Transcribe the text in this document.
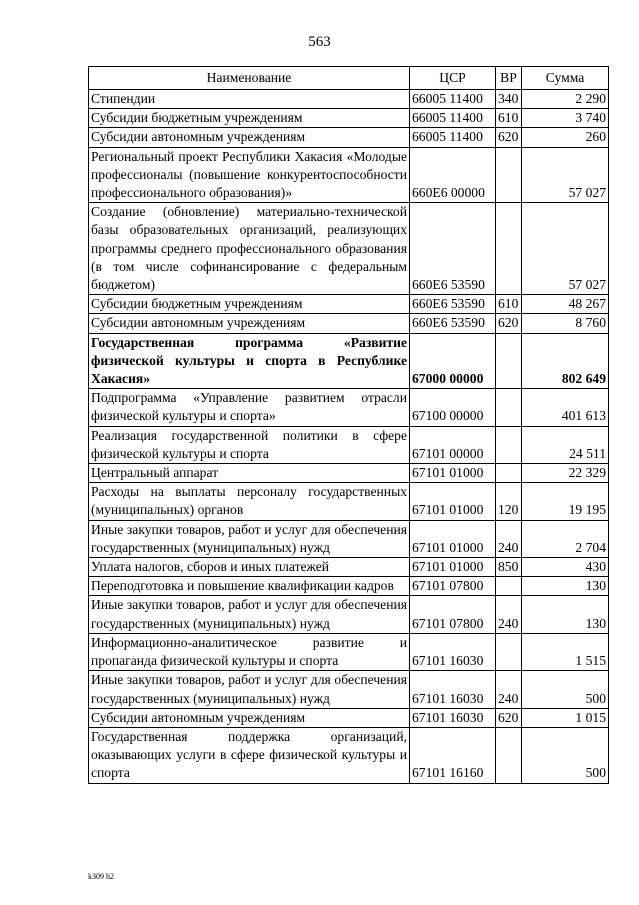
563
Наименование	ЦСР	ВР	Сумма
Стипендии	66005 11400	340	2 290
Субсидии бюджетным учреждениям	66005 11400	610	3 740
Субсидии автономным учреждениям	66005 11400	620	260
Региональный проект Республики Хакасия «Молодые профессионалы (повышение конкурентоспособности профессионального образования)»	660E6 00000		57 027
Создание (обновление) материально-технической базы образовательных организаций, реализующих программы среднего профессионального образования (в том числе софинансирование с федеральным бюджетом)	660E6 53590		57 027
Субсидии бюджетным учреждениям	660E6 53590	610	48 267
Субсидии автономным учреждениям	660E6 53590	620	8 760
Государственная программа «Развитие физической культуры и спорта в Республике Хакасия»	67000 00000		802 649
Подпрограмма «Управление развитием отрасли физической культуры и спорта»	67100 00000		401 613
Реализация государственной политики в сфере физической культуры и спорта	67101 00000		24 511
Центральный аппарат	67101 01000		22 329
Расходы на выплаты персоналу государственных (муниципальных) органов	67101 01000	120	19 195
Иные закупки товаров, работ и услуг для обеспечения государственных (муниципальных) нужд	67101 01000	240	2 704
Уплата налогов, сборов и иных платежей	67101 01000	850	430
Переподготовка и повышение квалификации кадров	67101 07800		130
Иные закупки товаров, работ и услуг для обеспечения государственных (муниципальных) нужд	67101 07800	240	130
Информационно-аналитическое развитие и пропаганда физической культуры и спорта	67101 16030		1 515
Иные закупки товаров, работ и услуг для обеспечения государственных (муниципальных) нужд	67101 16030	240	500
Субсидии автономным учреждениям	67101 16030	620	1 015
Государственная поддержка организаций, оказывающих услуги в сфере физической культуры и спорта	67101 16160		500
k309 h2
